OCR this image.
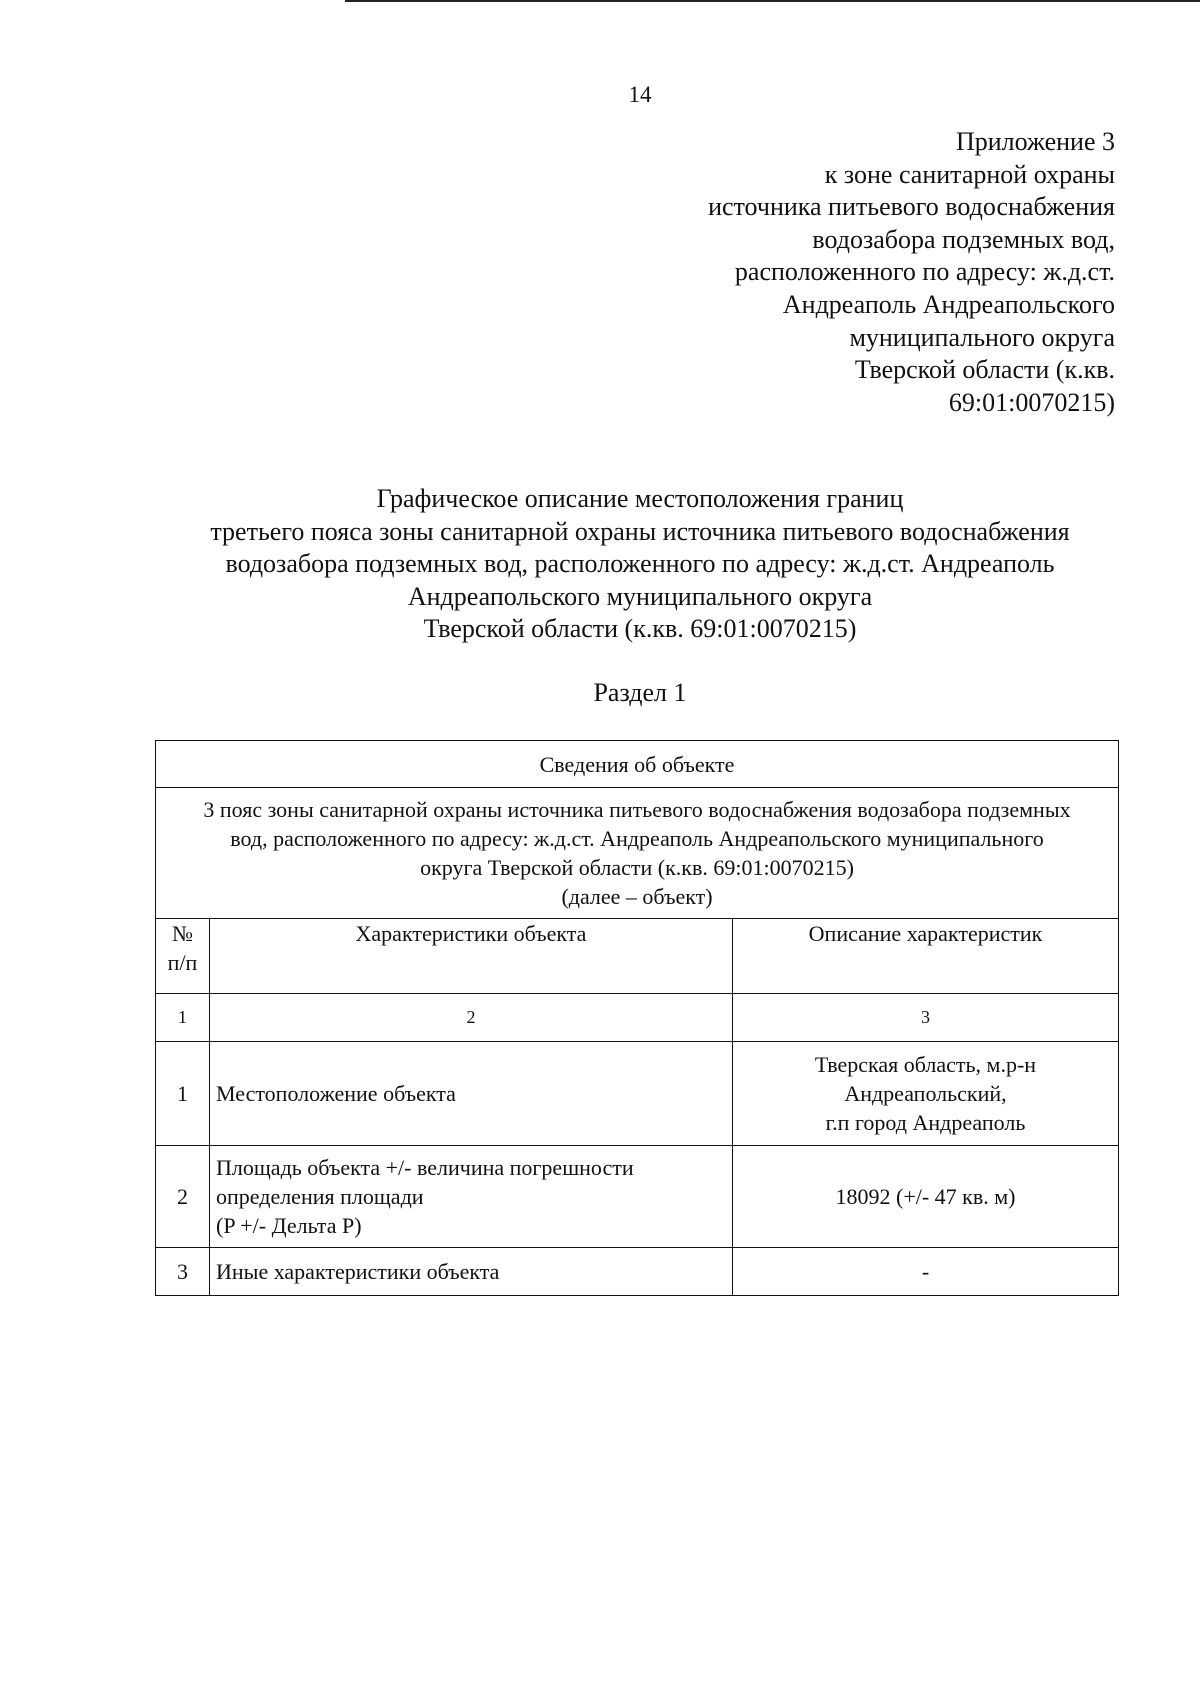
14
Приложение 3
к зоне санитарной охраны
источника питьевого водоснабжения
водозабора подземных вод,
расположенного по адресу: ж.д.ст.
Андреаполь Андреапольского
муниципального округа
Тверской области (к.кв.
69:01:0070215)
Графическое описание местоположения границ
третьего пояса зоны санитарной охраны источника питьевого водоснабжения
водозабора подземных вод, расположенного по адресу: ж.д.ст. Андреаполь
Андреапольского муниципального округа
Тверской области (к.кв. 69:01:0070215)
Раздел 1
Сведения об объекте		

3 пояс зоны санитарной охраны источника питьевого водоснабжения водозабора подземных
вод, расположенного по адресу: ж.д.ст. Андреаполь Андреапольского муниципального
округа Тверской области (к.кв. 69:01:0070215)
(далее – объект)		

№ п/п	Характеристики объекта	Описание характеристик
1	2	3
1	Местоположение объекта	Тверская область, м.р-н
Андреапольский,
г.п город Андреаполь

2	Площадь объекта +/- величина погрешности
определения площади
(P +/- Дельта P)	18092 (+/- 47 кв. м)

3	Иные характеристики объекта	-
